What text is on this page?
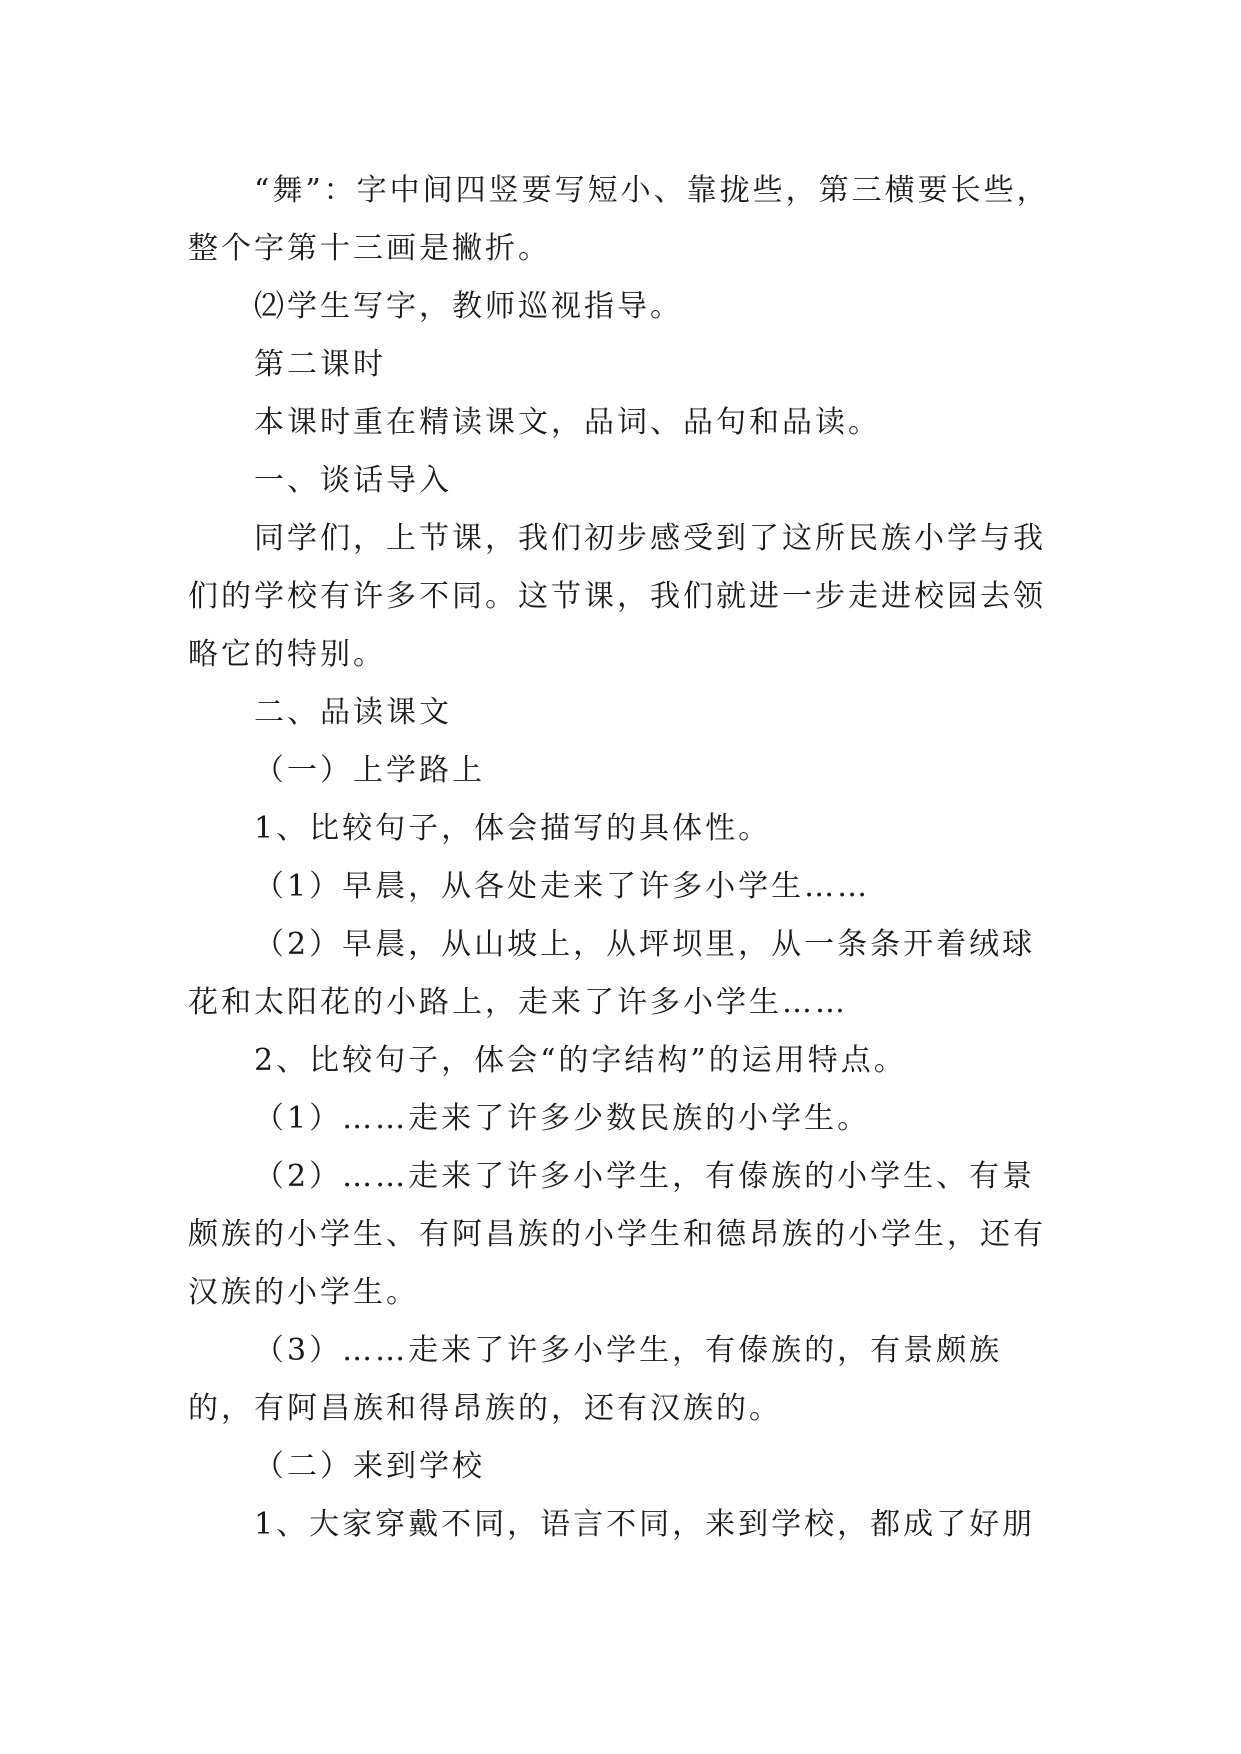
“舞”：字中间四竖要写短小、靠拢些，第三横要长些，整个字第十三画是撇折。

⑵学生写字，教师巡视指导。

第二课时

本课时重在精读课文，品词、品句和品读。

一、谈话导入

同学们，上节课，我们初步感受到了这所民族小学与我们的学校有许多不同。这节课，我们就进一步走进校园去领略它的特别。

二、品读课文

（一）上学路上

1、比较句子，体会描写的具体性。

（1）早晨，从各处走来了许多小学生……

（2）早晨，从山坡上，从坪坝里，从一条条开着绒球花和太阳花的小路上，走来了许多小学生……

2、比较句子，体会“的字结构”的运用特点。

（1）……走来了许多少数民族的小学生。

（2）……走来了许多小学生，有傣族的小学生、有景颇族的小学生、有阿昌族的小学生和德昂族的小学生，还有汉族的小学生。

（3）……走来了许多小学生，有傣族的，有景颇族的，有阿昌族和得昂族的，还有汉族的。

（二）来到学校

1、大家穿戴不同，语言不同，来到学校，都成了好朋
